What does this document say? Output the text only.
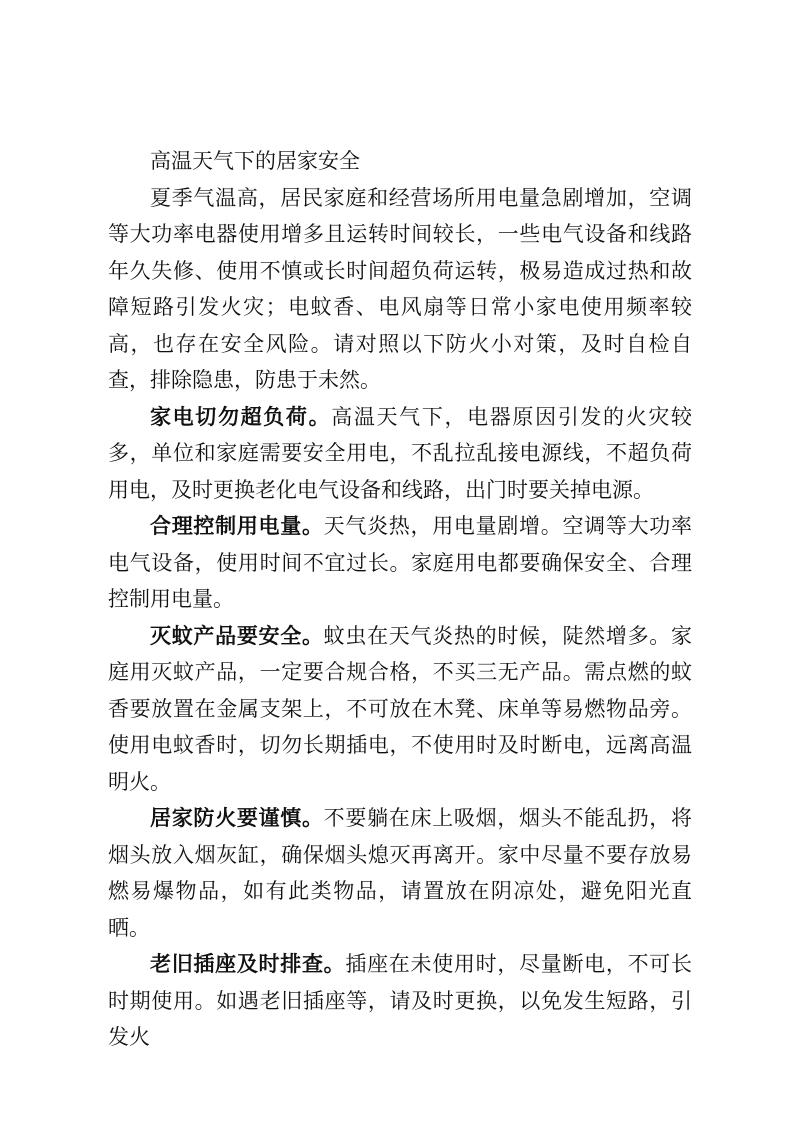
高温天气下的居家安全

夏季气温高，居民家庭和经营场所用电量急剧增加，空调等大功率电器使用增多且运转时间较长，一些电气设备和线路年久失修、使用不慎或长时间超负荷运转，极易造成过热和故障短路引发火灾；电蚊香、电风扇等日常小家电使用频率较高，也存在安全风险。请对照以下防火小对策，及时自检自查，排除隐患，防患于未然。

家电切勿超负荷。高温天气下，电器原因引发的火灾较多，单位和家庭需要安全用电，不乱拉乱接电源线，不超负荷用电，及时更换老化电气设备和线路，出门时要关掉电源。

合理控制用电量。天气炎热，用电量剧增。空调等大功率电气设备，使用时间不宜过长。家庭用电都要确保安全、合理控制用电量。

灭蚊产品要安全。蚊虫在天气炎热的时候，陡然增多。家庭用灭蚊产品，一定要合规合格，不买三无产品。需点燃的蚊香要放置在金属支架上，不可放在木凳、床单等易燃物品旁。使用电蚊香时，切勿长期插电，不使用时及时断电，远离高温明火。

居家防火要谨慎。不要躺在床上吸烟，烟头不能乱扔，将烟头放入烟灰缸，确保烟头熄灭再离开。家中尽量不要存放易燃易爆物品，如有此类物品，请置放在阴凉处，避免阳光直晒。

老旧插座及时排查。插座在未使用时，尽量断电，不可长时期使用。如遇老旧插座等，请及时更换，以免发生短路，引发火
